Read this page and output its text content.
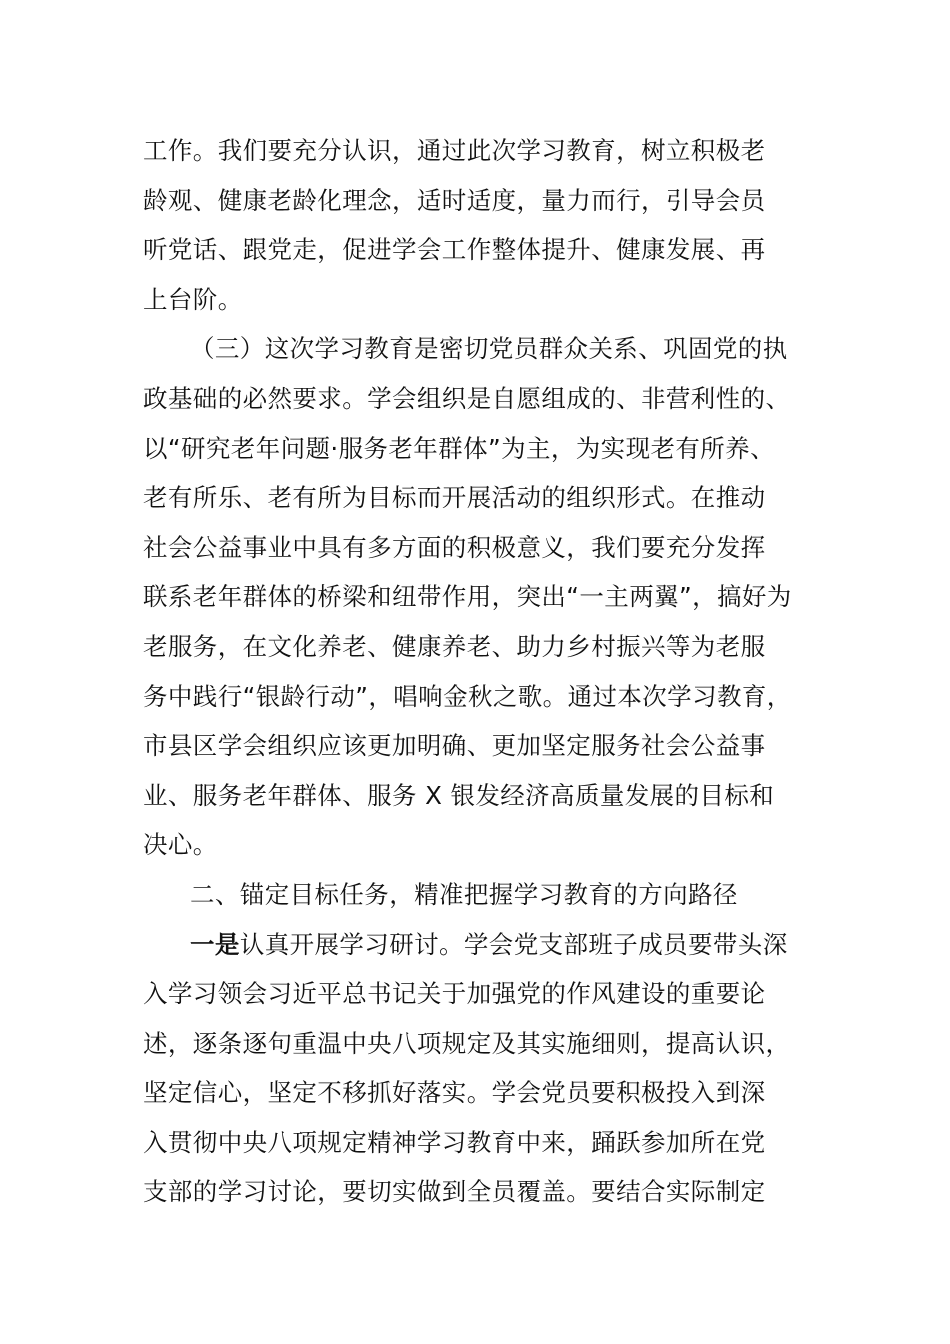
工作。我们要充分认识，通过此次学习教育，树立积极老
龄观、健康老龄化理念，适时适度，量力而行，引导会员
听党话、跟党走，促进学会工作整体提升、健康发展、再
上台阶。
（三）这次学习教育是密切党员群众关系、巩固党的执
政基础的必然要求。学会组织是自愿组成的、非营利性的、
以“研究老年问题·服务老年群体”为主，为实现老有所养、
老有所乐、老有所为目标而开展活动的组织形式。在推动
社会公益事业中具有多方面的积极意义，我们要充分发挥
联系老年群体的桥梁和纽带作用，突出“一主两翼”，搞好为
老服务，在文化养老、健康养老、助力乡村振兴等为老服
务中践行“银龄行动”，唱响金秋之歌。通过本次学习教育，
市县区学会组织应该更加明确、更加坚定服务社会公益事
业、服务老年群体、服务 X 银发经济高质量发展的目标和
决心。
二、锚定目标任务，精准把握学习教育的方向路径
一是认真开展学习研讨。学会党支部班子成员要带头深
入学习领会习近平总书记关于加强党的作风建设的重要论
述，逐条逐句重温中央八项规定及其实施细则，提高认识，
坚定信心，坚定不移抓好落实。学会党员要积极投入到深
入贯彻中央八项规定精神学习教育中来，踊跃参加所在党
支部的学习讨论，要切实做到全员覆盖。要结合实际制定
